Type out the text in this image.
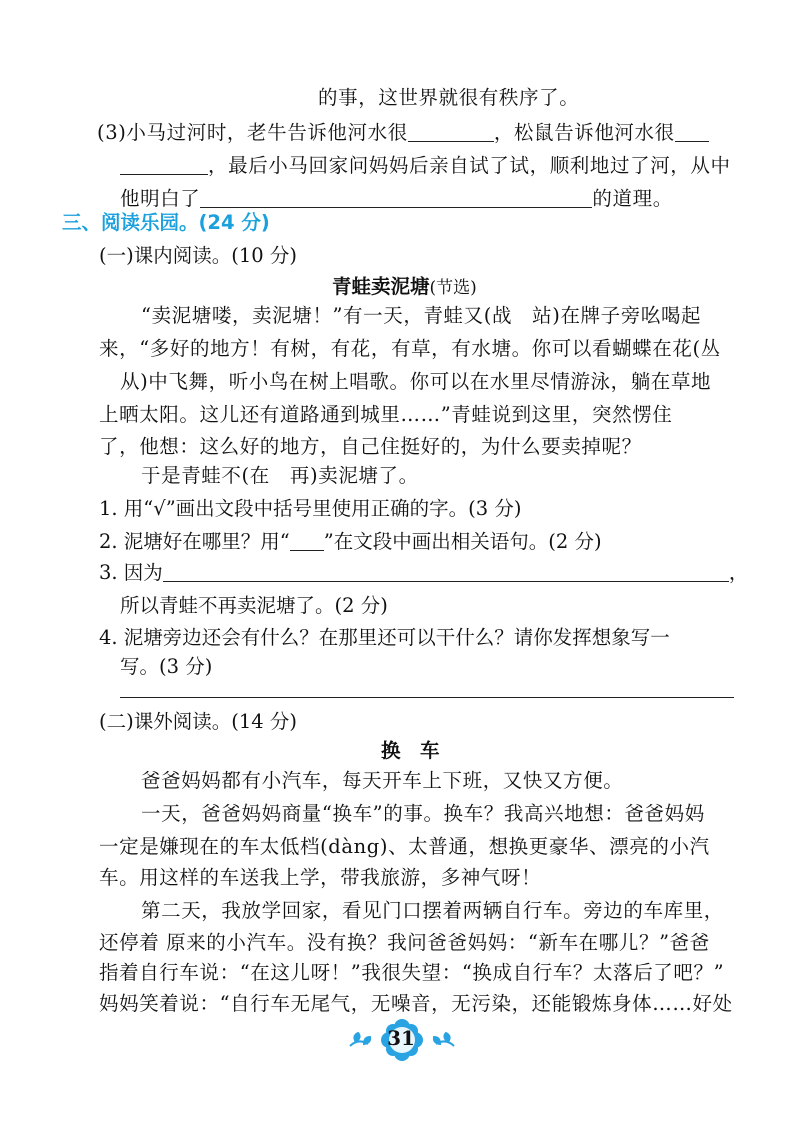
的事，这世界就很有秩序了。
(3)小马过河时，老牛告诉他河水很	，松鼠告诉他河水很
，最后小马回家问妈妈后亲自试了试，顺利地过了河，从中
他明白了	的道理。
三、阅读乐园。(24 分)
(一)课内阅读。(10 分)
青蛙卖泥塘(节选)
“卖泥塘喽，卖泥塘！”有一天，青蛙又(战　站)在牌子旁吆喝起
来，“多好的地方！有树，有花，有草，有水塘。你可以看蝴蝶在花(丛
从)中飞舞，听小鸟在树上唱歌。你可以在水里尽情游泳，躺在草地
上晒太阳。这儿还有道路通到城里……”青蛙说到这里，突然愣住
了，他想：这么好的地方，自己住挺好的，为什么要卖掉呢？
于是青蛙不(在　再)卖泥塘了。
1. 用“√”画出文段中括号里使用正确的字。(3 分)
2. 泥塘好在哪里？用“ ”在文段中画出相关语句。(2 分)
3. 因为	，
所以青蛙不再卖泥塘了。(2 分)
4. 泥塘旁边还会有什么？在那里还可以干什么？请你发挥想象写一
写。(3 分)
(二)课外阅读。(14 分)
换　车
爸爸妈妈都有小汽车，每天开车上下班，又快又方便。
一天，爸爸妈妈商量“换车”的事。换车？我高兴地想：爸爸妈妈
一定是嫌现在的车太低档(dàng)、太普通，想换更豪华、漂亮的小汽
车。用这样的车送我上学，带我旅游，多神气呀！
第二天，我放学回家，看见门口摆着两辆自行车。旁边的车库里，
还停着 原来的小汽车。没有换？我问爸爸妈妈：“新车在哪儿？”爸爸
指着自行车说：“在这儿呀！”我很失望：“换成自行车？太落后了吧？”
妈妈笑着说：“自行车无尾气，无噪音，无污染，还能锻炼身体……好处
31
